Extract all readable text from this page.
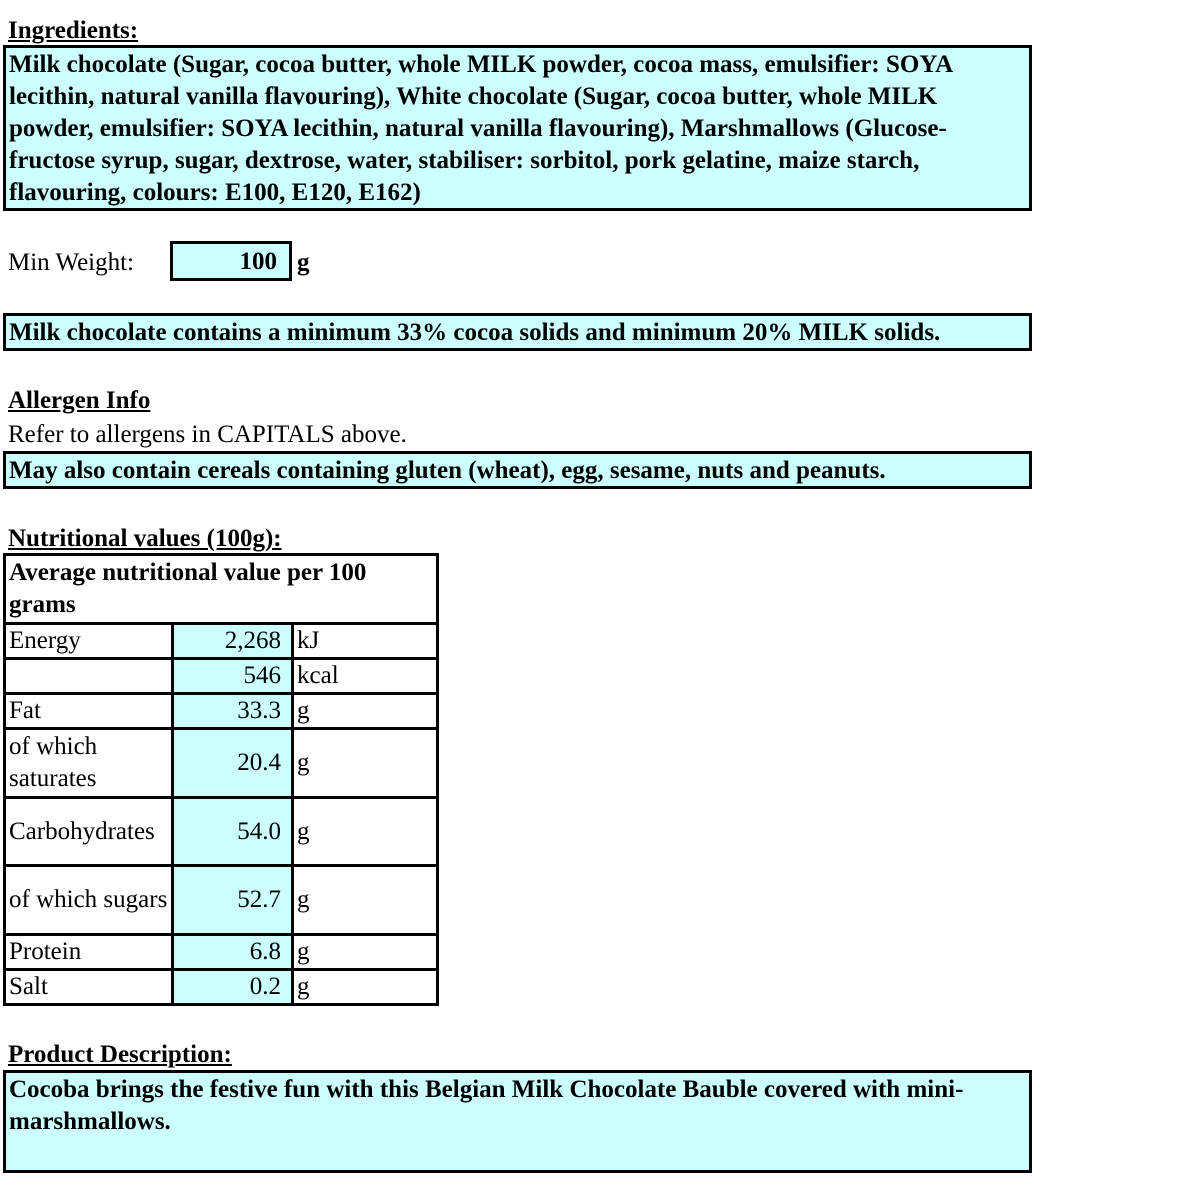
Ingredients:
Milk chocolate (Sugar, cocoa butter, whole MILK powder, cocoa mass, emulsifier: SOYA lecithin, natural vanilla flavouring), White chocolate (Sugar, cocoa butter, whole MILK powder, emulsifier: SOYA lecithin, natural vanilla flavouring), Marshmallows (Glucose-fructose syrup, sugar, dextrose, water, stabiliser: sorbitol, pork gelatine, maize starch, flavouring, colours: E100, E120, E162)
Min Weight:	100 g
Milk chocolate contains a minimum 33% cocoa solids and minimum 20% MILK solids.
Allergen Info
Refer to allergens in CAPITALS above.
May also contain cereals containing gluten (wheat), egg, sesame, nuts and peanuts.
Nutritional values (100g):
Average nutritional value per 100 grams		
Energy	2,268	kJ
	546	kcal
Fat	33.3	g
of which saturates	20.4	g
Carbohydrates	54.0	g
of which sugars	52.7	g
Protein	6.8	g
Salt	0.2	g
Product Description:
Cocoba brings the festive fun with this Belgian Milk Chocolate Bauble covered with mini-marshmallows.
